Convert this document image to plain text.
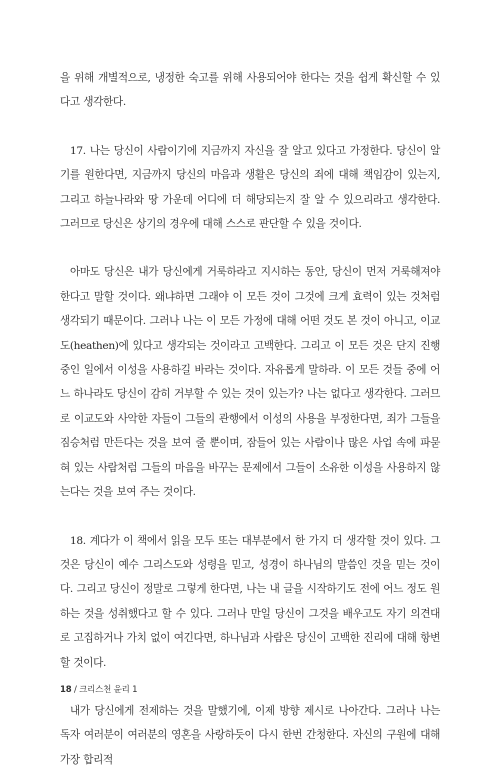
을 위해 개별적으로, 냉정한 숙고를 위해 사용되어야 한다는 것을 쉽게 확신할 수 있다고 생각한다.

17. 나는 당신이 사람이기에 지금까지 자신을 잘 알고 있다고 가정한다. 당신이 알기를 원한다면, 지금까지 당신의 마음과 생활은 당신의 죄에 대해 책임감이 있는지, 그리고 하늘나라와 땅 가운데 어디에 더 해당되는지 잘 알 수 있으리라고 생각한다. 그러므로 당신은 상기의 경우에 대해 스스로 판단할 수 있을 것이다.

아마도 당신은 내가 당신에게 거룩하라고 지시하는 동안, 당신이 먼저 거룩해져야 한다고 말할 것이다. 왜냐하면 그래야 이 모든 것이 그것에 크게 효력이 있는 것처럼 생각되기 때문이다. 그러나 나는 이 모든 가정에 대해 어떤 것도 본 것이 아니고, 이교도(heathen)에 있다고 생각되는 것이라고 고백한다. 그리고 이 모든 것은 단지 진행 중인 일에서 이성을 사용하길 바라는 것이다. 자유롭게 말하라. 이 모든 것들 중에 어느 하나라도 당신이 감히 거부할 수 있는 것이 있는가? 나는 없다고 생각한다. 그러므로 이교도와 사악한 자들이 그들의 관행에서 이성의 사용을 부정한다면, 죄가 그들을 짐승처럼 만든다는 것을 보여 줄 뿐이며, 잠들어 있는 사람이나 많은 사업 속에 파묻혀 있는 사람처럼 그들의 마음을 바꾸는 문제에서 그들이 소유한 이성을 사용하지 않는다는 것을 보여 주는 것이다.

18. 계다가 이 책에서 읽을 모두 또는 대부분에서 한 가지 더 생각할 것이 있다. 그것은 당신이 예수 그리스도와 성령을 믿고, 성경이 하나님의 말씀인 것을 믿는 것이다. 그리고 당신이 정말로 그렇게 한다면, 나는 내 글을 시작하기도 전에 어느 정도 원하는 것을 성취했다고 할 수 있다. 그러나 만일 당신이 그것을 배우고도 자기 의견대로 고집하거나 가치 없이 여긴다면, 하나님과 사람은 당신이 고백한 진리에 대해 항변할 것이다.

내가 당신에게 전제하는 것을 말했기에, 이제 방향 제시로 나아간다. 그러나 나는 독자 여러분이 여러분의 영혼을 사랑하듯이 다시 한번 간청한다. 자신의 구원에 대해 가장 합리적

18 / 크리스천 윤리 1
